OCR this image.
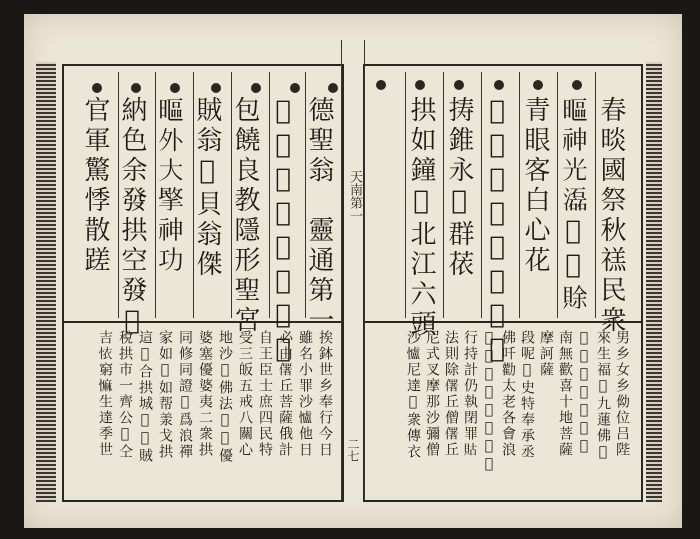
天南第一
二七
春晱國祭秋禚民衆
𣉾神光𤂬𢝺𠫾賖
青眼客白心花
𦓿𤳆菊𤘺梅𦺓袞昂
𢭏錐永𣦍群𦲤
拱如鐘𨪝北江六頭
德聖翁　靈通第一
𤳆龍係固懇求𤳆靈
包饒良教隱形聖宮
賊翁𢷀貝翁傑
𣉾外大𢰞神功
納色余發拱空發𠳙
官軍驚悸散蹉
男乡女乡㑃位吕陛
來生福𥚄九蓮佛𡊲
𠋣仙菩提滿願、
南無歡喜十地菩薩
摩訶薩
段呢𢚸史特奉承丞
佛吀勸太老各會浪
𤳆爲佛𢧚七衆弟子
行持計仍執閉罪𧵑
法則除𠏲丘僧𠏲丘
尼式叉摩那沙彌僧
沙𢥈尼達𠼾衆傳衣
挨鉢世乡奉行今日
雖名小罪沙𢥈他日
必由𠏲丘菩薩俄計
自王臣士庶四民特
受三皈五戒八關心
地沙𡑝佛法𢝙𤳆優
婆塞優婆夷二衆拱
同修同證𤳆爲浪禪
家如𢱖如帮羕戈拱
這𡗶合拱城𠀧𢿡賊
稅拱市一齊公𢞅仝
吉𢙇窮𢠩生達季世
